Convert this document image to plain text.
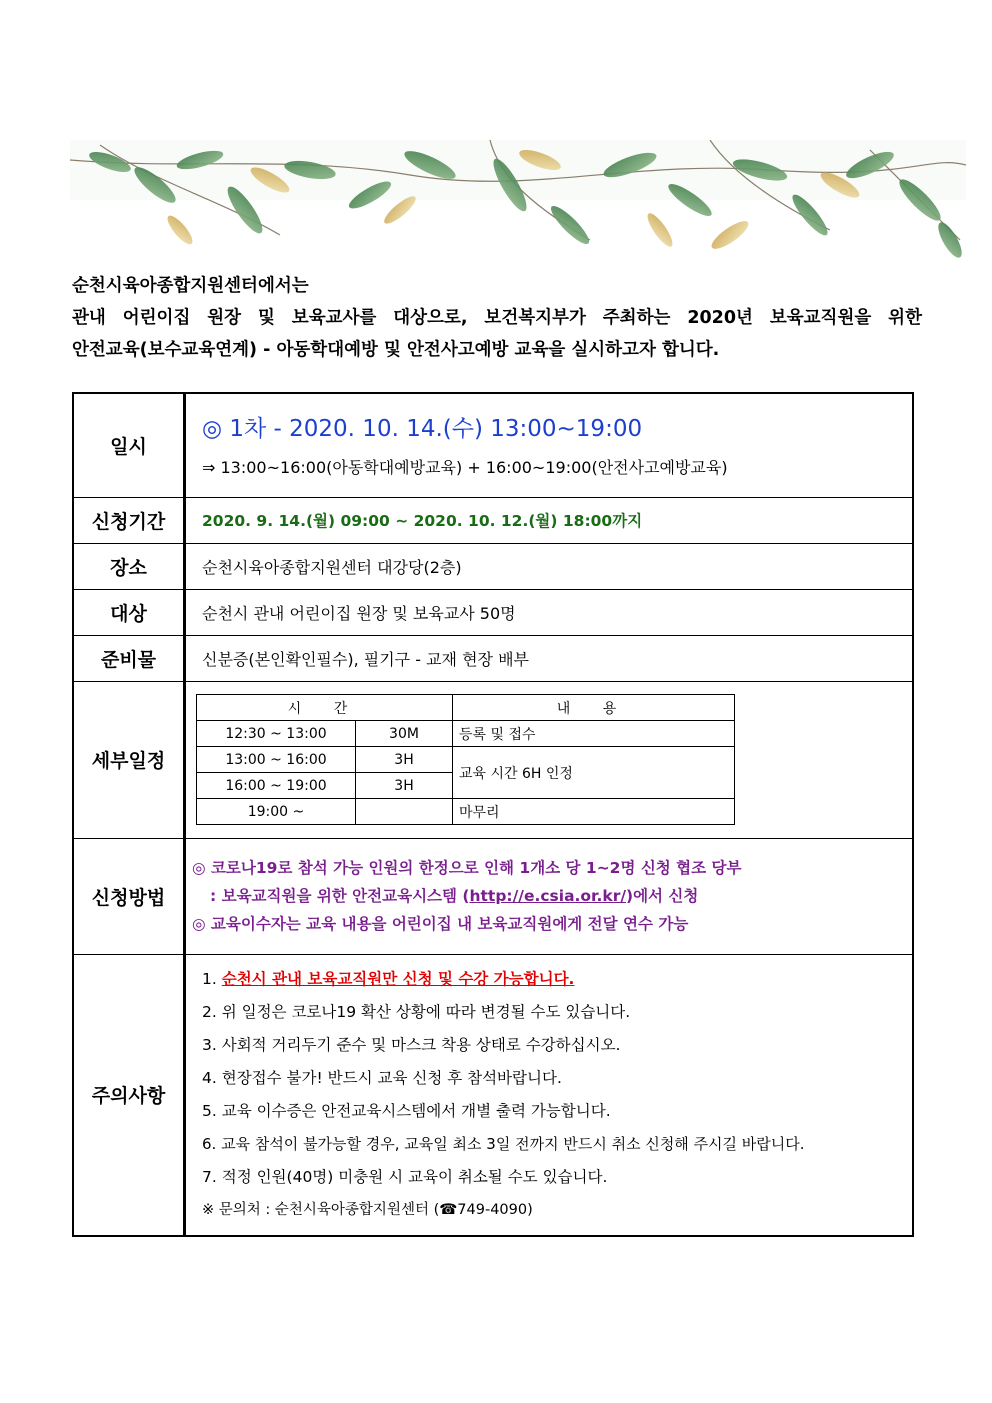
순천시육아종합지원센터에서는
관내 어린이집 원장 및 보육교사를 대상으로, 보건복지부가 주최하는 2020년 보육교직원을 위한
안전교육(보수교육연계) - 아동학대예방 및 안전사고예방 교육을 실시하고자 합니다.
일시	
◎ 1차 - 2020. 10. 14.(수) 13:00~19:00
⇒ 13:00~16:00(아동학대예방교육) + 16:00~19:00(안전사고예방교육)

신청기간	2020. 9. 14.(월) 09:00 ~ 2020. 10. 12.(월) 18:00까지
장소	순천시육아종합지원센터 대강당(2층)
대상	순천시 관내 어린이집 원장 및 보육교사 50명
준비물	신분증(본인확인필수), 필기구 - 교재 현장 배부
세부일정	
시 간	내 용
12:30 ~ 13:00	30M	등록 및 접수
13:00 ~ 16:00	3H	교육 시간 6H 인정
16:00 ~ 19:00	3H
19:00 ~		마무리

신청방법	
◎ 코로나19로 참석 가능 인원의 한정으로 인해 1개소 당 1~2명 신청 협조 당부
: 보육교직원을 위한 안전교육시스템 (http://e.csia.or.kr/)에서 신청
◎ 교육이수자는 교육 내용을 어린이집 내 보육교직원에게 전달 연수 가능

주의사항	
1. 순천시 관내 보육교직원만 신청 및 수강 가능합니다.
2. 위 일정은 코로나19 확산 상황에 따라 변경될 수도 있습니다.
3. 사회적 거리두기 준수 및 마스크 착용 상태로 수강하십시오.
4. 현장접수 불가! 반드시 교육 신청 후 참석바랍니다.
5. 교육 이수증은 안전교육시스템에서 개별 출력 가능합니다.
6. 교육 참석이 불가능할 경우, 교육일 최소 3일 전까지 반드시 취소 신청해 주시길 바랍니다.
7. 적정 인원(40명) 미충원 시 교육이 취소될 수도 있습니다.
※ 문의처 : 순천시육아종합지원센터 (☎749-4090)
